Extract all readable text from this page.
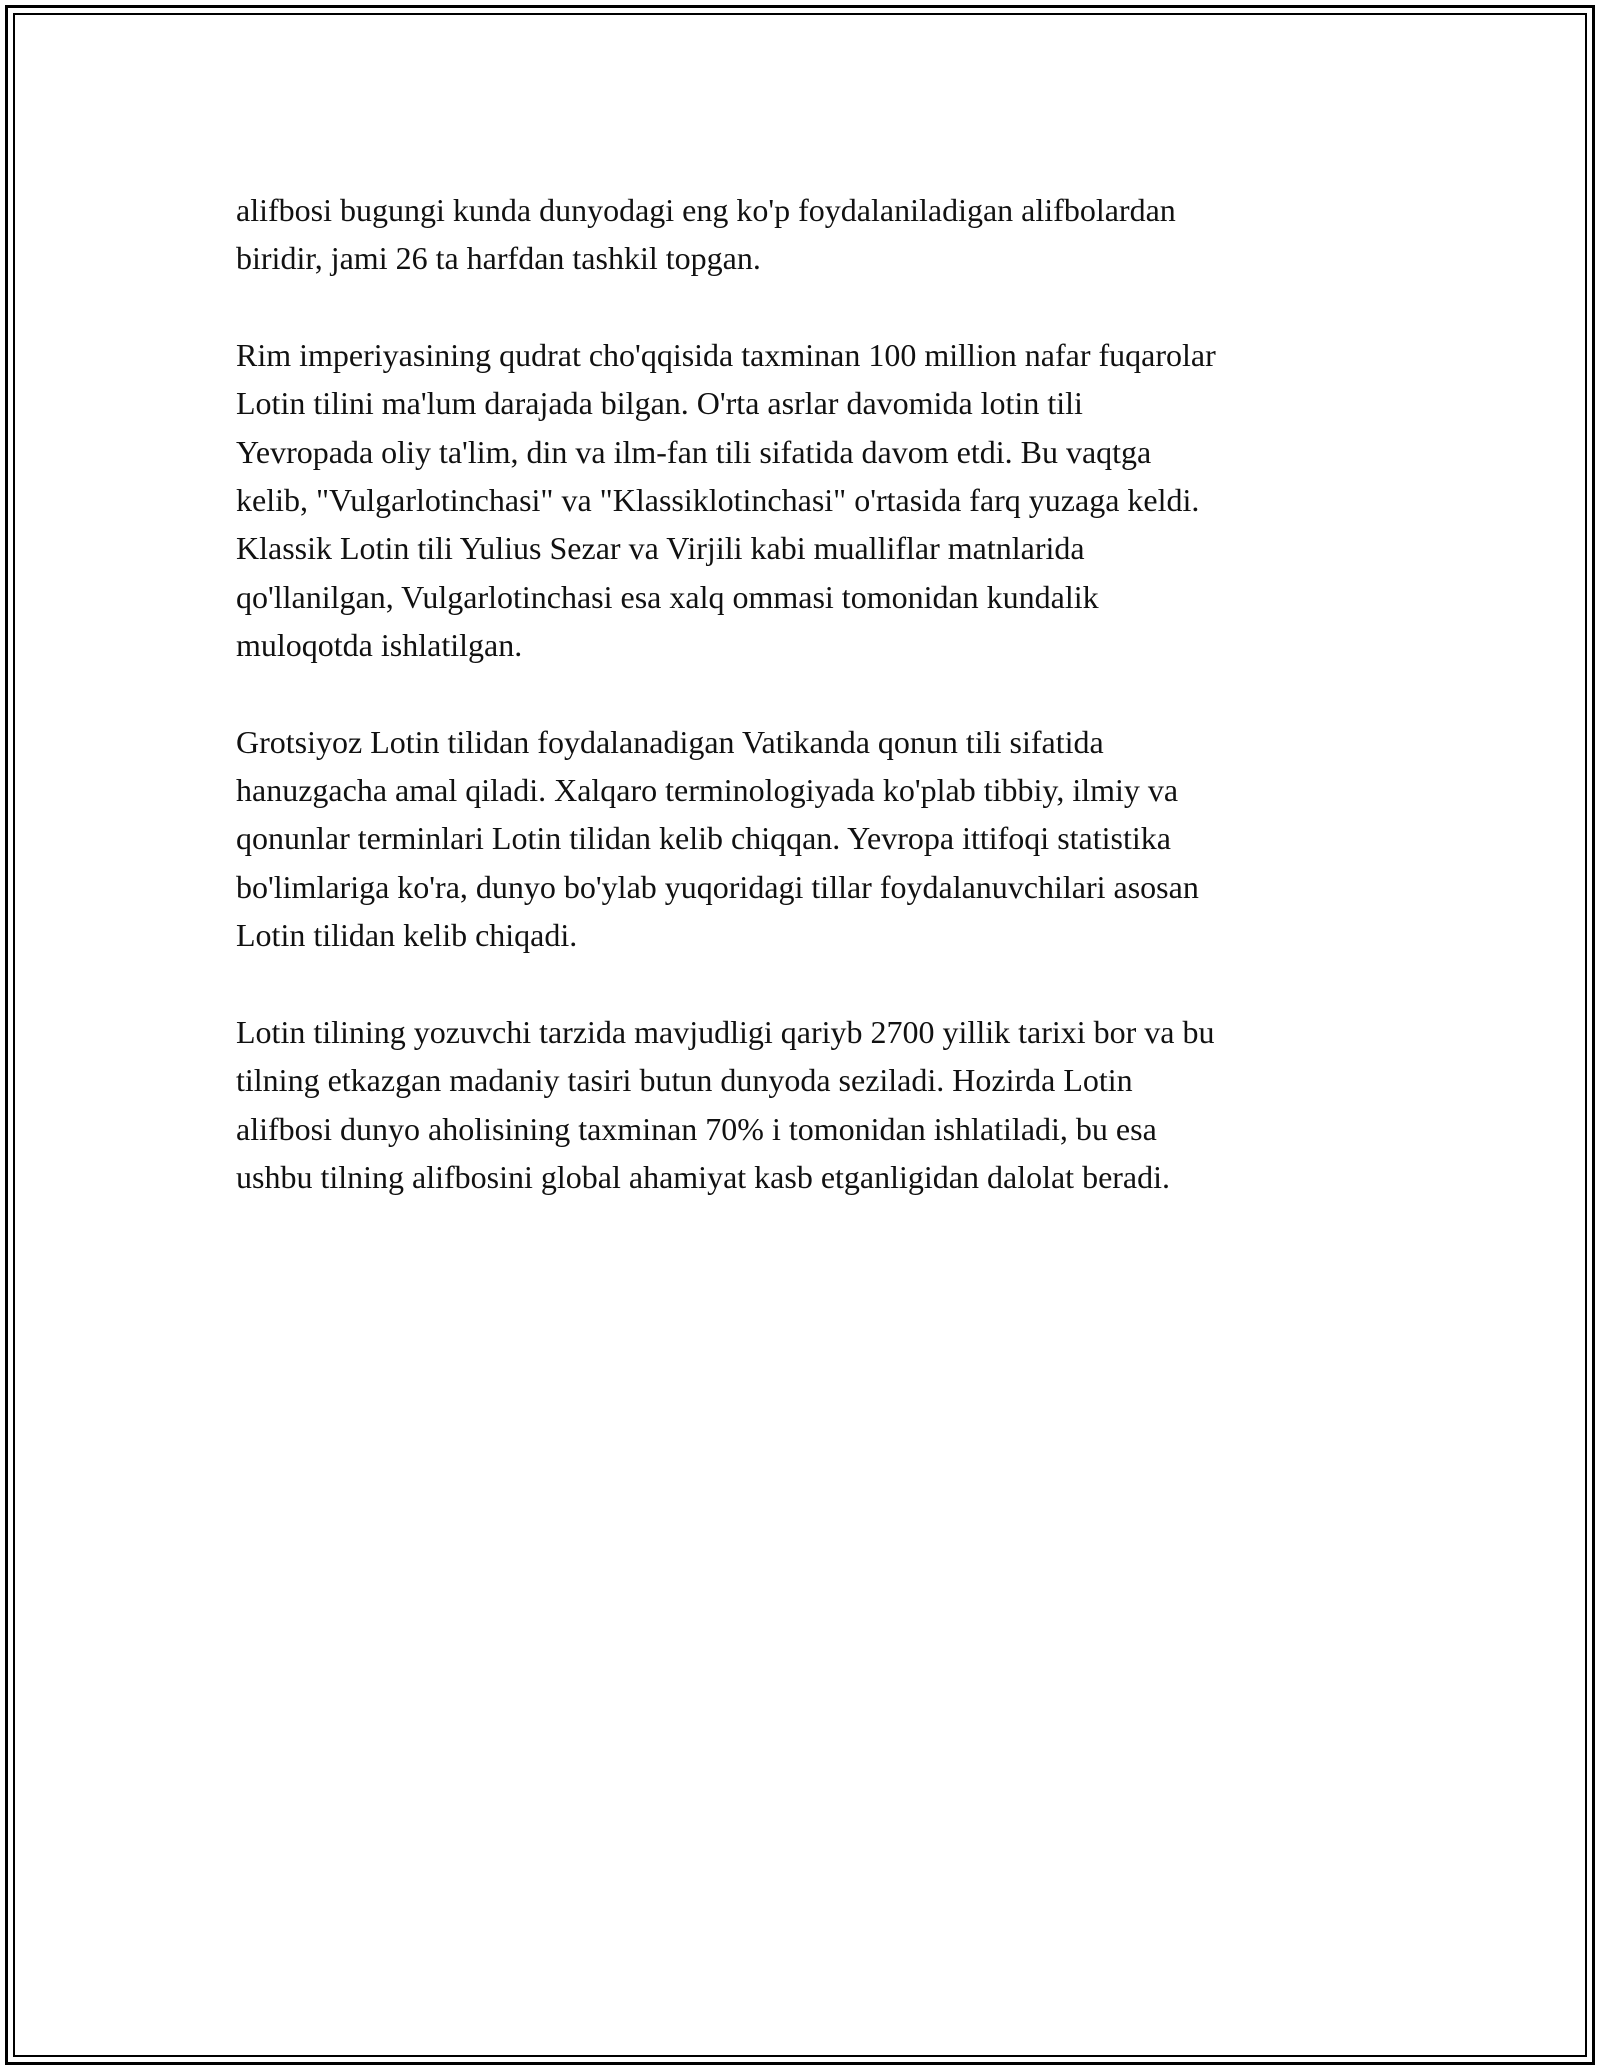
alifbosi bugungi kunda dunyodagi eng ko'p foydalaniladigan alifbolardan
biridir, jami 26 ta harfdan tashkil topgan.

Rim imperiyasining qudrat cho'qqisida taxminan 100 million nafar fuqarolar
Lotin tilini ma'lum darajada bilgan. O'rta asrlar davomida lotin tili
Yevropada oliy ta'lim, din va ilm-fan tili sifatida davom etdi. Bu vaqtga
kelib, "Vulgarlotinchasi" va "Klassiklotinchasi" o'rtasida farq yuzaga keldi.
Klassik Lotin tili Yulius Sezar va Virjili kabi mualliflar matnlarida
qo'llanilgan, Vulgarlotinchasi esa xalq ommasi tomonidan kundalik
muloqotda ishlatilgan.

Grotsiyoz Lotin tilidan foydalanadigan Vatikanda qonun tili sifatida
hanuzgacha amal qiladi. Xalqaro terminologiyada ko'plab tibbiy, ilmiy va
qonunlar terminlari Lotin tilidan kelib chiqqan. Yevropa ittifoqi statistika
bo'limlariga ko'ra, dunyo bo'ylab yuqoridagi tillar foydalanuvchilari asosan
Lotin tilidan kelib chiqadi.

Lotin tilining yozuvchi tarzida mavjudligi qariyb 2700 yillik tarixi bor va bu
tilning etkazgan madaniy tasiri butun dunyoda seziladi. Hozirda Lotin
alifbosi dunyo aholisining taxminan 70% i tomonidan ishlatiladi, bu esa
ushbu tilning alifbosini global ahamiyat kasb etganligidan dalolat beradi.
